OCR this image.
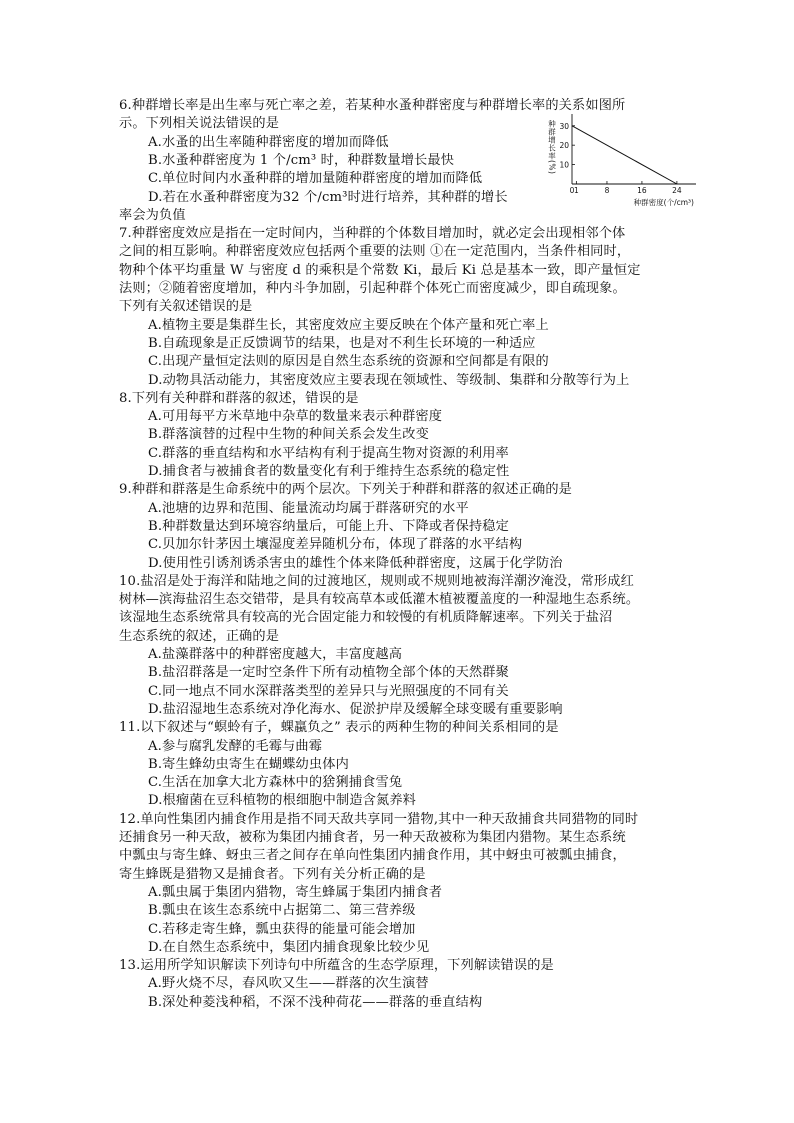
6.种群增长率是出生率与死亡率之差，若某种水蚤种群密度与种群增长率的关系如图所
示。下列相关说法错误的是
A.水蚤的出生率随种群密度的增加而降低
B.水蚤种群密度为 1 个/cm³ 时，种群数量增长最快
C.单位时间内水蚤种群的增加量随种群密度的增加而降低
D.若在水蚤种群密度为32 个/cm³时进行培养，其种群的增长
率会为负值
7.种群密度效应是指在一定时间内，当种群的个体数目增加时，就必定会出现相邻个体
之间的相互影响。种群密度效应包括两个重要的法则 ①在一定范围内，当条件相同时，
物种个体平均重量 W 与密度 d 的乘积是个常数 Ki，最后 Ki 总是基本一致，即产量恒定
法则；②随着密度增加，种内斗争加剧，引起种群个体死亡而密度减少，即自疏现象。
下列有关叙述错误的是
A.植物主要是集群生长，其密度效应主要反映在个体产量和死亡率上
B.自疏现象是正反馈调节的结果，也是对不利生长环境的一种适应
C.出现产量恒定法则的原因是自然生态系统的资源和空间都是有限的
D.动物具活动能力，其密度效应主要表现在领域性、等级制、集群和分散等行为上
8.下列有关种群和群落的叙述，错误的是
A.可用每平方米草地中杂草的数量来表示种群密度
B.群落演替的过程中生物的种间关系会发生改变
C.群落的垂直结构和水平结构有利于提高生物对资源的利用率
D.捕食者与被捕食者的数量变化有利于维持生态系统的稳定性
9.种群和群落是生命系统中的两个层次。下列关于种群和群落的叙述正确的是
A.池塘的边界和范围、能量流动均属于群落研究的水平
B.种群数量达到环境容纳量后，可能上升、下降或者保持稳定
C.贝加尔针茅因土壤湿度差异随机分布，体现了群落的水平结构
D.使用性引诱剂诱杀害虫的雄性个体来降低种群密度，这属于化学防治
10.盐沼是处于海洋和陆地之间的过渡地区，规则或不规则地被海洋潮汐淹没，常形成红
树林—滨海盐沼生态交错带，是具有较高草本或低灌木植被覆盖度的一种湿地生态系统。
该湿地生态系统常具有较高的光合固定能力和较慢的有机质降解速率。下列关于盐沼
生态系统的叙述，正确的是
A.盐藻群落中的种群密度越大，丰富度越高
B.盐沼群落是一定时空条件下所有动植物全部个体的天然群聚
C.同一地点不同水深群落类型的差异只与光照强度的不同有关
D.盐沼湿地生态系统对净化海水、促淤护岸及缓解全球变暖有重要影响
11.以下叙述与“螟蛉有子，蜾蠃负之” 表示的两种生物的种间关系相同的是
A.参与腐乳发酵的毛霉与曲霉
B.寄生蜂幼虫寄生在蝴蝶幼虫体内
C.生活在加拿大北方森林中的猞猁捕食雪兔
D.根瘤菌在豆科植物的根细胞中制造含氮养料
12.单向性集团内捕食作用是指不同天敌共享同一猎物,其中一种天敌捕食共同猎物的同时
还捕食另一种天敌，被称为集团内捕食者，另一种天敌被称为集团内猎物。某生态系统
中瓢虫与寄生蜂、蚜虫三者之间存在单向性集团内捕食作用，其中蚜虫可被瓢虫捕食，
寄生蜂既是猎物又是捕食者。下列有关分析正确的是
A.瓢虫属于集团内猎物，寄生蜂属于集团内捕食者
B.瓢虫在该生态系统中占据第二、第三营养级
C.若移走寄生蜂，瓢虫获得的能量可能会增加
D.在自然生态系统中，集团内捕食现象比较少见
13.运用所学知识解读下列诗句中所蕴含的生态学原理，下列解读错误的是
A.野火烧不尽，春风吹又生——群落的次生演替
B.深处种菱浅种稻，不深不浅种荷花——群落的垂直结构
10
20
30
0 1	8	16	24
种群增长率(%)
种群密度(个/cm³)
